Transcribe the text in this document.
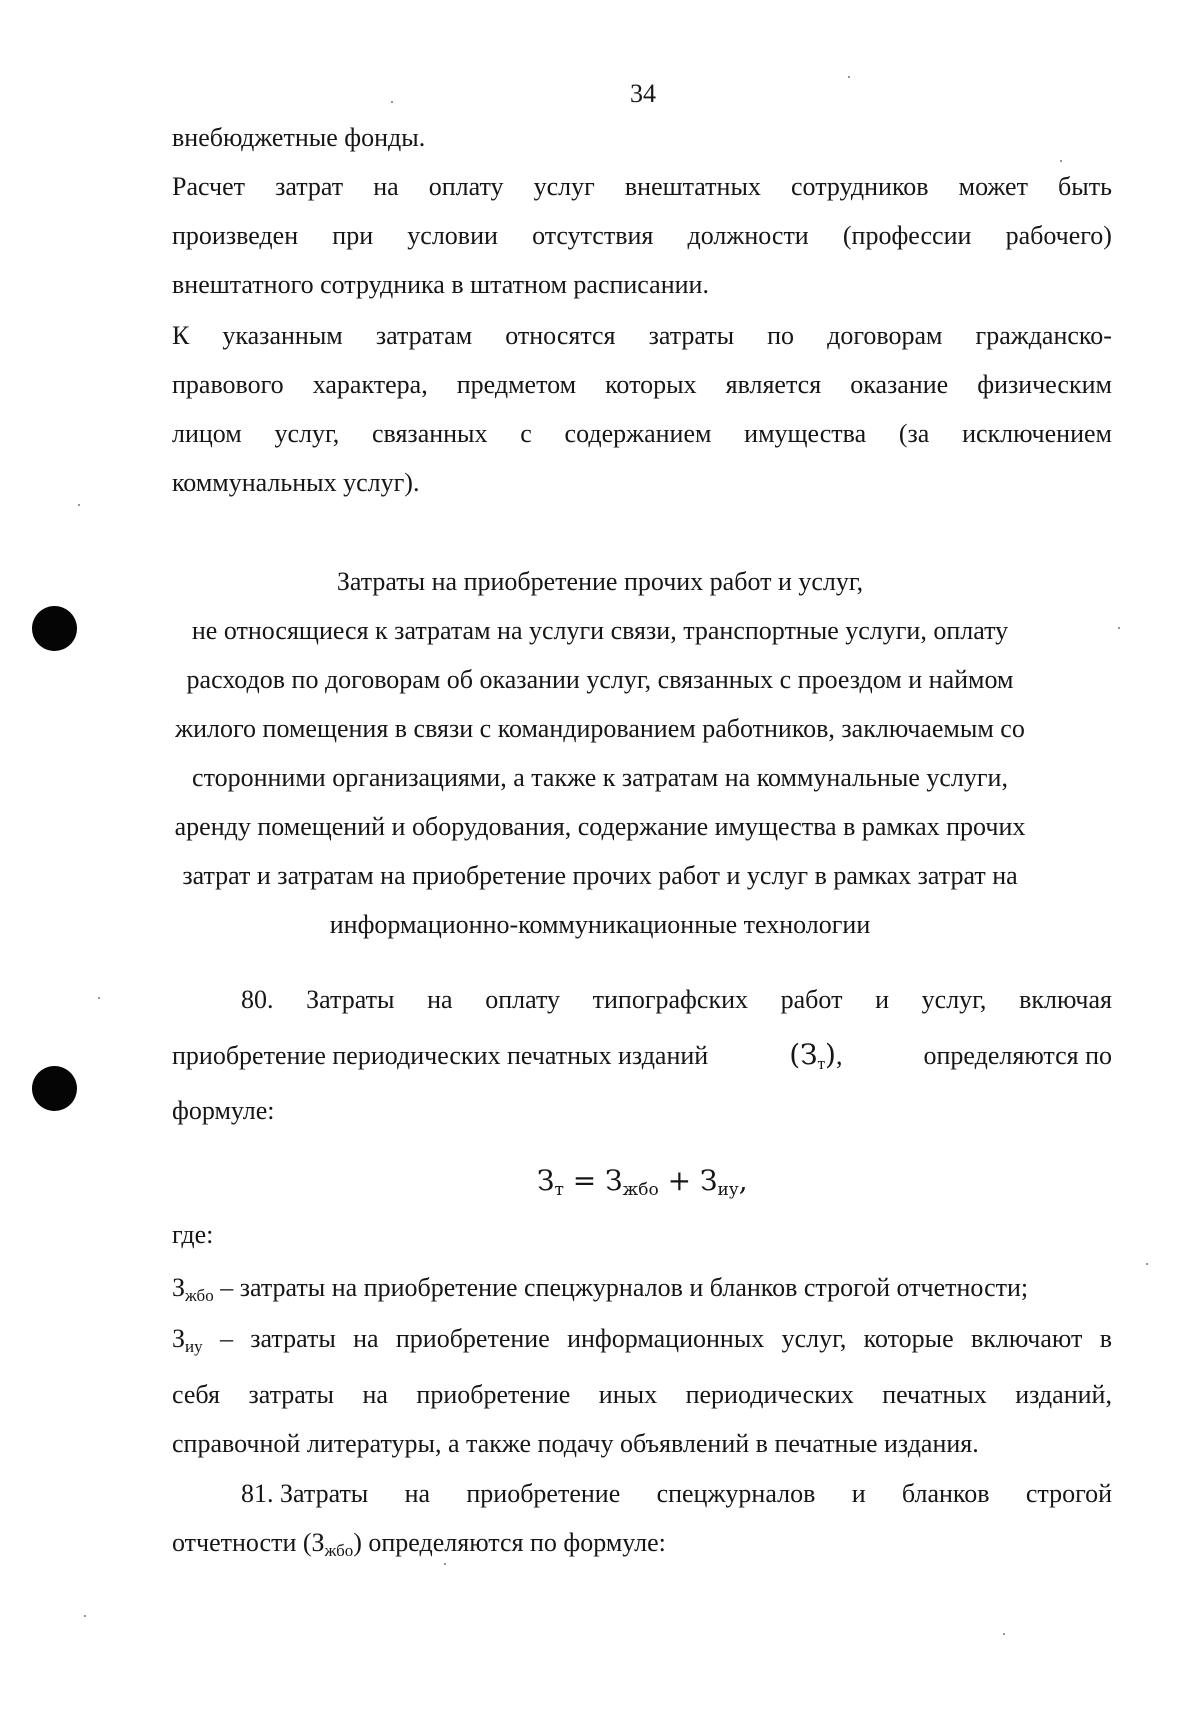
34
внебюджетные фонды.
Расчет затрат на оплату услуг внештатных сотрудников может быть
произведен при условии отсутствия должности (профессии рабочего)
внештатного сотрудника в штатном расписании.
К указанным затратам относятся затраты по договорам гражданско-
правового характера, предметом которых является оказание физическим
лицом услуг, связанных с содержанием имущества (за исключением
коммунальных услуг).
Затраты на приобретение прочих работ и услуг,
не относящиеся к затратам на услуги связи, транспортные услуги, оплату
расходов по договорам об оказании услуг, связанных с проездом и наймом
жилого помещения в связи с командированием работников, заключаемым со
сторонними организациями, а также к затратам на коммунальные услуги,
аренду помещений и оборудования, содержание имущества в рамках прочих
затрат и затратам на приобретение прочих работ и услуг в рамках затрат на
информационно-коммуникационные технологии
80. Затраты на оплату типографских работ и услуг, включая
приобретение периодических печатных изданий	$(З_т)$,	определяются по
формуле:
$З_т = З_{жбо} + З_{иу}$,
где:
$З_{жбо}$ – затраты на приобретение спецжурналов и бланков строгой отчетности;
$З_{иу}$ – затраты на приобретение информационных услуг, которые включают в
себя затраты на приобретение иных периодических печатных изданий,
справочной литературы, а также подачу объявлений в печатные издания.
81. Затраты на приобретение спецжурналов и бланков строгой
отчетности $(З_{жбо})$ определяются по формуле:
